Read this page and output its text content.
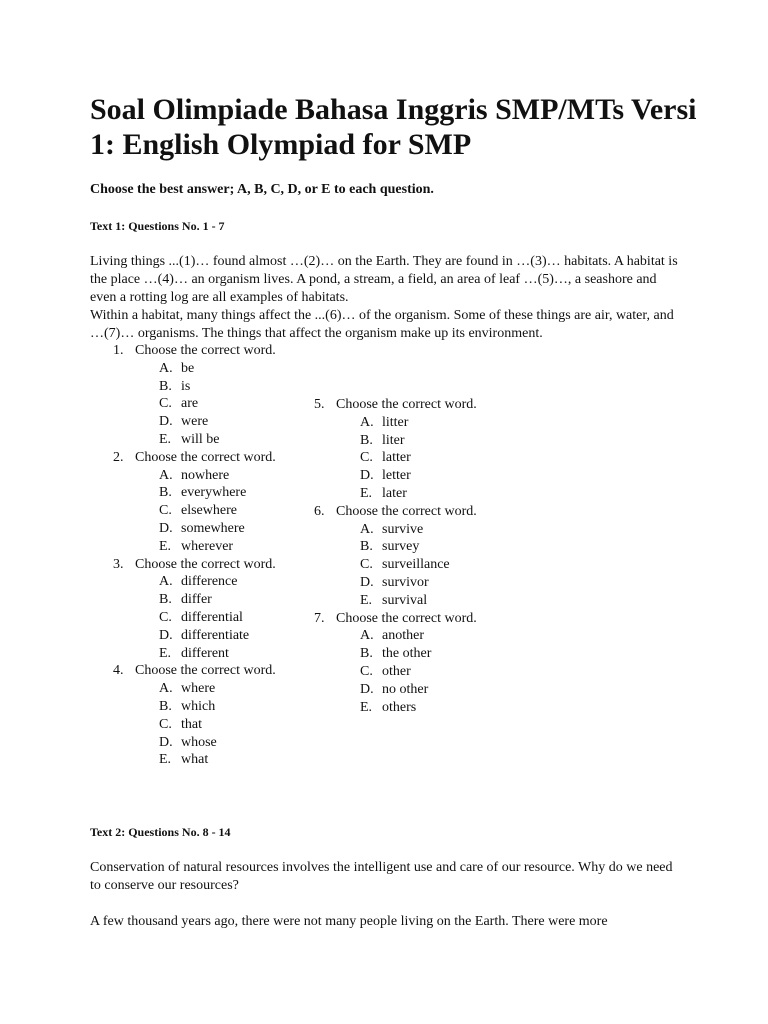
Soal Olimpiade Bahasa Inggris SMP/MTs Versi 1: English Olympiad for SMP
Choose the best answer; A, B, C, D, or E to each question.
Text 1: Questions No. 1 - 7

Living things ...(1)… found almost …(2)… on the Earth. They are found in …(3)… habitats. A habitat is the place …(4)… an organism lives. A pond, a stream, a field, an area of leaf …(5)…, a seashore and even a rotting log are all examples of habitats.

Within a habitat, many things affect the ...(6)… of the organism. Some of these things are air, water, and …(7)… organisms. The things that affect the organism make up its environment.

1. Choose the correct word.
A. be
B. is
C. are
D. were
E. will be
2. Choose the correct word.
A. nowhere
B. everywhere
C. elsewhere
D. somewhere
E. wherever
3. Choose the correct word.
A. difference
B. differ
C. differential
D. differentiate
E. different
4. Choose the correct word.
A. where
B. which
C. that
D. whose
E. what
5. Choose the correct word.
A. litter
B. liter
C. latter
D. letter
E. later
6. Choose the correct word.
A. survive
B. survey
C. surveillance
D. survivor
E. survival
7. Choose the correct word.
A. another
B. the other
C. other
D. no other
E. others
Text 2: Questions No. 8 - 14
Conservation of natural resources involves the intelligent use and care of our resource. Why do we need to conserve our resources?
A few thousand years ago, there were not many people living on the Earth. There were more
